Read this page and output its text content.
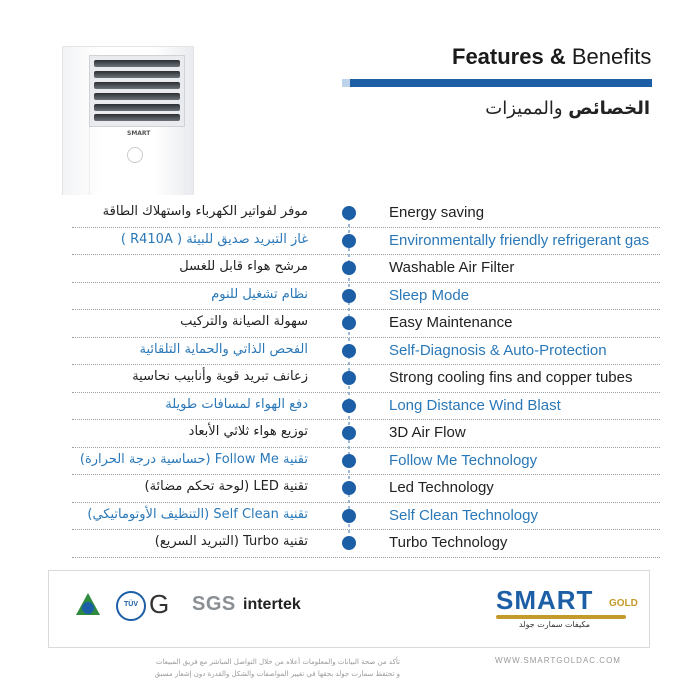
SMART
Features & Benefits
الخصائص والمميزات
موفر لفواتير الكهرباء واستهلاك الطاقة	Energy saving
غاز التبريد صديق للبيئة ( R410A )	Environmentally friendly refrigerant gas
مرشح هواء قابل للغسل	Washable Air Filter
نظام تشغيل للنوم	Sleep Mode
سهولة الصيانة والتركيب	Easy Maintenance
الفحص الذاتي والحماية التلقائية	Self-Diagnosis & Auto-Protection
زعانف تبريد قوية وأنابيب نحاسية	Strong cooling fins and copper tubes
دفع الهواء لمسافات طويلة	Long Distance Wind Blast
توزيع هواء ثلاثي الأبعاد	3D Air Flow
تقنية Follow Me (حساسية درجة الحرارة)	Follow Me Technology
تقنية LED (لوحة تحكم مضائة)	Led Technology
تقنية Self Clean (التنظيف الأوتوماتيكي)	Self Clean Technology
تقنية Turbo (التبريد السريع)	Turbo Technology
TÜV G SGS intertek	SMART GOLD
مكيفات سمارت جولد
تأكد من صحة البيانات والمعلومات أعلاه من خلال التواصل المباشر مع فريق المبيعات
و تحتفظ سمارت جولد بحقها في تغيير المواصفات والشكل والقدرة دون إشعار مسبق
WWW.SMARTGOLDAC.COM
